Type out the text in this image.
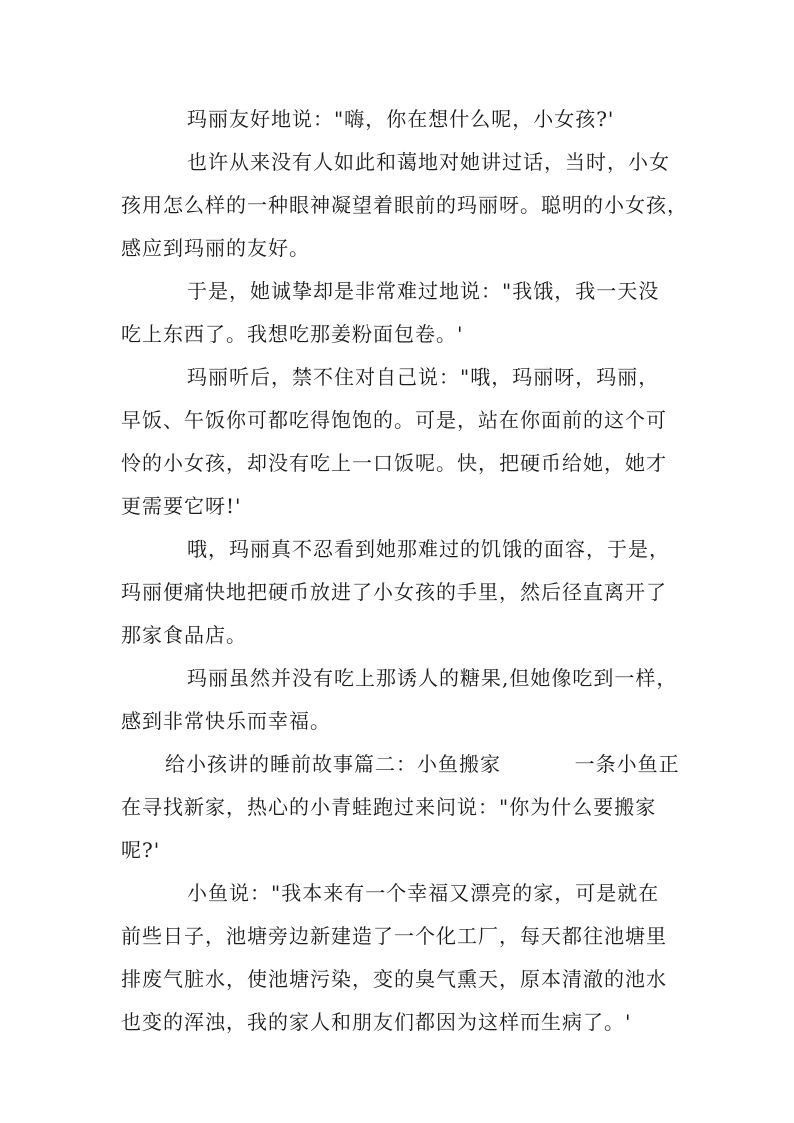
玛丽友好地说："嗨，你在想什么呢，小女孩?'
也许从来没有人如此和蔼地对她讲过话，当时，小女
孩用怎么样的一种眼神凝望着眼前的玛丽呀。聪明的小女孩，
感应到玛丽的友好。
于是，她诚挚却是非常难过地说："我饿，我一天没
吃上东西了。我想吃那姜粉面包卷。'
玛丽听后，禁不住对自己说："哦，玛丽呀，玛丽，
早饭、午饭你可都吃得饱饱的。可是，站在你面前的这个可
怜的小女孩，却没有吃上一口饭呢。快，把硬币给她，她才
更需要它呀!'
哦，玛丽真不忍看到她那难过的饥饿的面容，于是，
玛丽便痛快地把硬币放进了小女孩的手里，然后径直离开了
那家食品店。
玛丽虽然并没有吃上那诱人的糖果,但她像吃到一样，
感到非常快乐而幸福。
给小孩讲的睡前故事篇二：小鱼搬家          一条小鱼正
在寻找新家，热心的小青蛙跑过来问说："你为什么要搬家
呢?'
小鱼说："我本来有一个幸福又漂亮的家，可是就在
前些日子，池塘旁边新建造了一个化工厂，每天都往池塘里
排废气脏水，使池塘污染，变的臭气熏天，原本清澈的池水
也变的浑浊，我的家人和朋友们都因为这样而生病了。'
